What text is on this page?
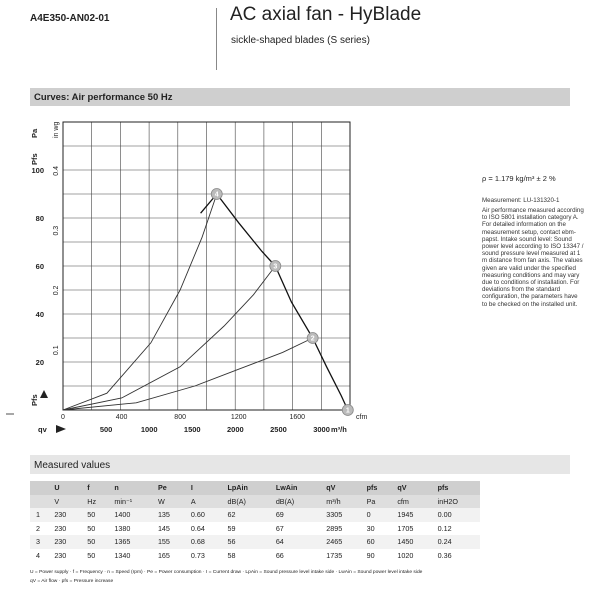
A4E350-AN02-01	AC axial fan - HyBlade
sickle-shaped blades (S series)
Curves: Air performance 50 Hz
1
2
3
4
20
40
60
80
100
0.1
0.2
0.3
0.4
Pa in wg
Pfs
Pfs
0	400	800	1200	1600	cfm
500	1000	1500	2000	2500	3000 m³/h
qv
ρ = 1.179 kg/m³ ± 2 %
Measurement: LU-131320-1
Air performance measured according to ISO 5801 installation category A. For detailed information on the measurement setup, contact ebm-papst. Intake sound level: Sound power level according to ISO 13347 / sound pressure level measured at 1 m distance from fan axis. The values given are valid under the specified measuring conditions and may vary due to conditions of installation. For deviations from the standard configuration, the parameters have to be checked on the installed unit.
Measured values
	U	f	n	Pe	I	LpAin	LwAin	qV	pfs	qV	pfs
	V	Hz	min⁻¹	W	A	dB(A)	dB(A)	m³/h	Pa	cfm	inH2O
1	230	50	1400	135	0.60	62	69	3305	0	1945	0.00
2	230	50	1380	145	0.64	59	67	2895	30	1705	0.12
3	230	50	1365	155	0.68	56	64	2465	60	1450	0.24
4	230	50	1340	165	0.73	58	66	1735	90	1020	0.36
U = Power supply · f = Frequency · n = Speed (rpm) · Pe = Power consumption · I = Current draw · LpAin = Sound pressure level intake side · LwAin = Sound power level intake side
qV = Air flow · pfs = Pressure increase
